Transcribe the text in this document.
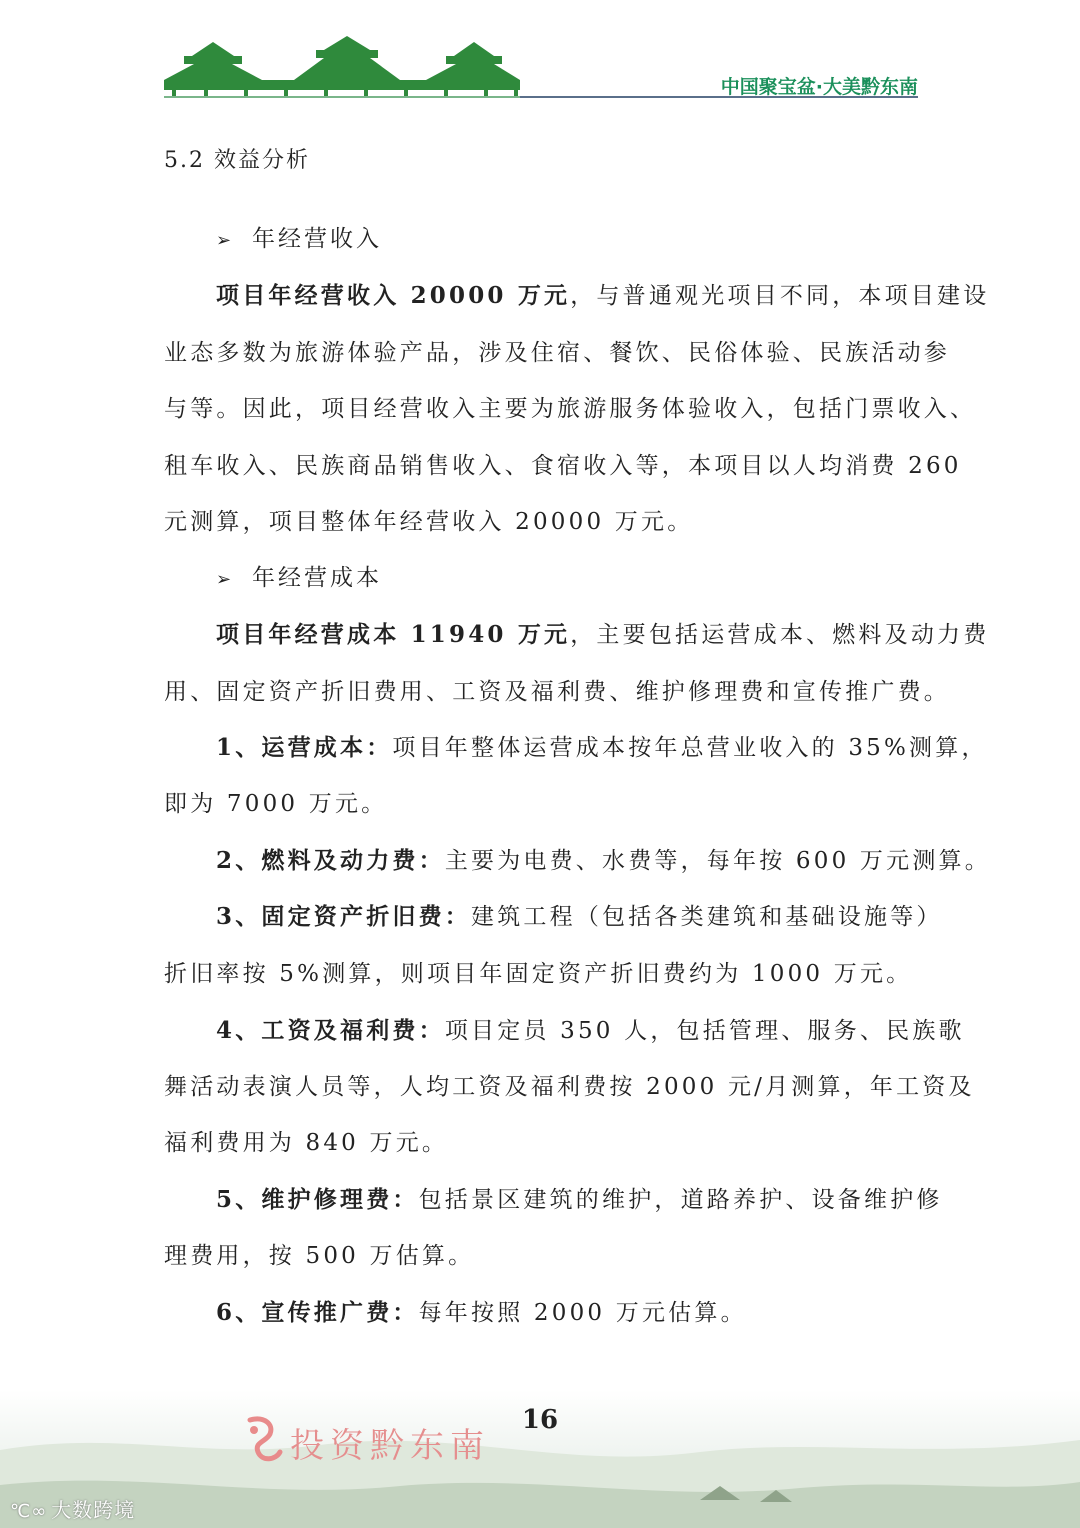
中国聚宝盆·大美黔东南
5.2 效益分析
➢ 年经营收入
项目年经营收入 20000 万元，与普通观光项目不同，本项目建设
业态多数为旅游体验产品，涉及住宿、餐饮、民俗体验、民族活动参
与等。因此，项目经营收入主要为旅游服务体验收入，包括门票收入、
租车收入、民族商品销售收入、食宿收入等，本项目以人均消费 260
元测算，项目整体年经营收入 20000 万元。
➢ 年经营成本
项目年经营成本 11940 万元，主要包括运营成本、燃料及动力费
用、固定资产折旧费用、工资及福利费、维护修理费和宣传推广费。
1、运营成本：项目年整体运营成本按年总营业收入的 35%测算，
即为 7000 万元。
2、燃料及动力费：主要为电费、水费等，每年按 600 万元测算。
3、固定资产折旧费：建筑工程（包括各类建筑和基础设施等）
折旧率按 5%测算，则项目年固定资产折旧费约为 1000 万元。
4、工资及福利费：项目定员 350 人，包括管理、服务、民族歌
舞活动表演人员等，人均工资及福利费按 2000 元/月测算，年工资及
福利费用为 840 万元。
5、维护修理费：包括景区建筑的维护，道路养护、设备维护修
理费用，按 500 万估算。
6、宣传推广费：每年按照 2000 万元估算。
投资黔东南
16
℃∞ 大数跨境
